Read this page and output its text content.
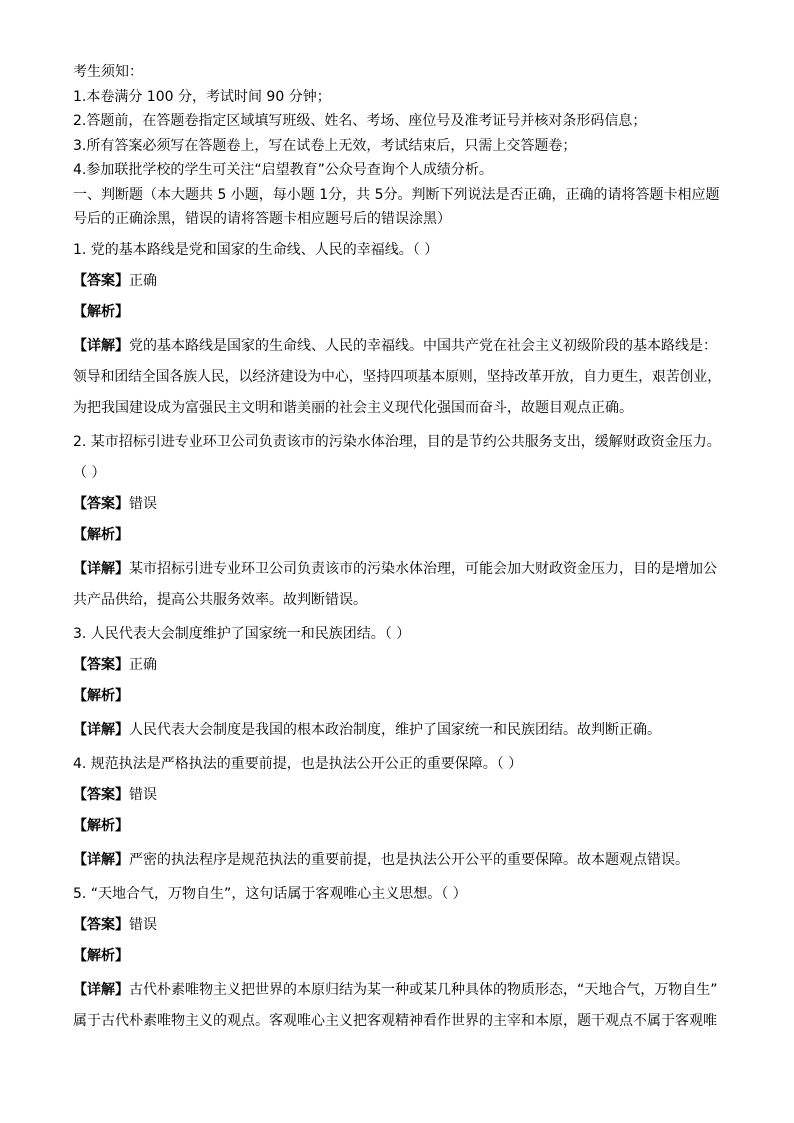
考生须知：
1.本卷满分 100 分，考试时间 90 分钟；
2.答题前，在答题卷指定区域填写班级、姓名、考场、座位号及准考证号并核对条形码信息；
3.所有答案必须写在答题卷上，写在试卷上无效，考试结束后，只需上交答题卷；
4.参加联批学校的学生可关注“启望教育”公众号查询个人成绩分析。
一、判断题（本大题共 5 小题，每小题 1分，共 5分。判断下列说法是否正确，正确的请将答题卡相应题
号后的正确涂黑，错误的请将答题卡相应题号后的错误涂黑）
1. 党的基本路线是党和国家的生命线、人民的幸福线。（ ）
【答案】正确
【解析】
【详解】党的基本路线是国家的生命线、人民的幸福线。中国共产党在社会主义初级阶段的基本路线是：
领导和团结全国各族人民，以经济建设为中心，坚持四项基本原则，坚持改革开放，自力更生，艰苦创业，
为把我国建设成为富强民主文明和谐美丽的社会主义现代化强国而奋斗，故题目观点正确。
2. 某市招标引进专业环卫公司负责该市的污染水体治理，目的是节约公共服务支出，缓解财政资金压力。
（ ）
【答案】错误
【解析】
【详解】某市招标引进专业环卫公司负责该市的污染水体治理，可能会加大财政资金压力，目的是增加公
共产品供给，提高公共服务效率。故判断错误。
3. 人民代表大会制度维护了国家统一和民族团结。（ ）
【答案】正确
【解析】
【详解】人民代表大会制度是我国的根本政治制度，维护了国家统一和民族团结。故判断正确。
4. 规范执法是严格执法的重要前提，也是执法公开公正的重要保障。（ ）
【答案】错误
【解析】
【详解】严密的执法程序是规范执法的重要前提，也是执法公开公平的重要保障。故本题观点错误。
5. “天地合气，万物自生”，这句话属于客观唯心主义思想。（ ）
【答案】错误
【解析】
【详解】古代朴素唯物主义把世界的本原归结为某一种或某几种具体的物质形态，“天地合气，万物自生”
属于古代朴素唯物主义的观点。客观唯心主义把客观精神看作世界的主宰和本原，题干观点不属于客观唯
